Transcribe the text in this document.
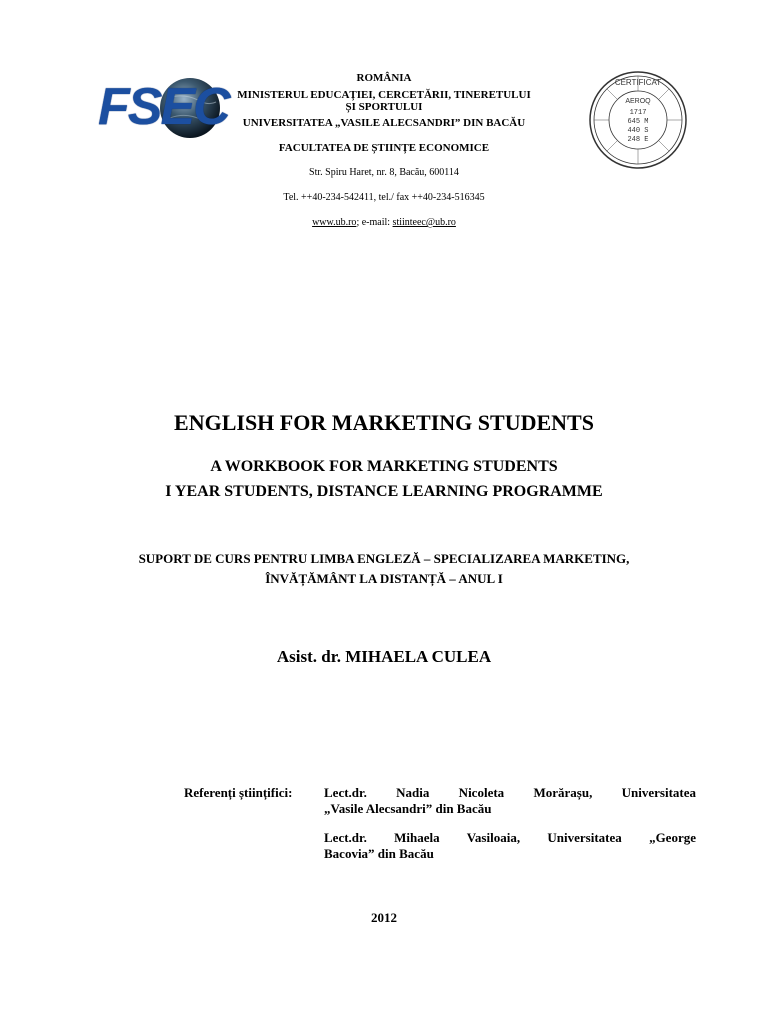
FSEC	ROMÂNIA
MINISTERUL EDUCAȚIEI, CERCETĂRII, TINERETULUI
ȘI SPORTULUI
UNIVERSITATEA „VASILE ALECSANDRI” DIN BACĂU
FACULTATEA DE ȘTIINȚE ECONOMICE
Str. Spiru Haret, nr. 8, Bacău, 600114
Tel. ++40-234-542411, tel./ fax ++40-234-516345
www.ub.ro; e-mail: stiinteec@ub.ro
CERTIFICAT
AEROQ
1717
645 M
440 S
248 E
ENGLISH FOR MARKETING STUDENTS
A WORKBOOK FOR MARKETING STUDENTS
I YEAR STUDENTS, DISTANCE LEARNING PROGRAMME
SUPORT DE CURS PENTRU LIMBA ENGLEZĂ – SPECIALIZAREA MARKETING,
ÎNVĂȚĂMÂNT LA DISTANȚĂ – ANUL I
Asist. dr. MIHAELA CULEA
Referenți științifici:	Lect.dr. Nadia Nicoleta Morărașu, Universitatea
„Vasile Alecsandri” din Bacău
Lect.dr. Mihaela Vasiloaia, Universitatea „George
Bacovia” din Bacău
2012
